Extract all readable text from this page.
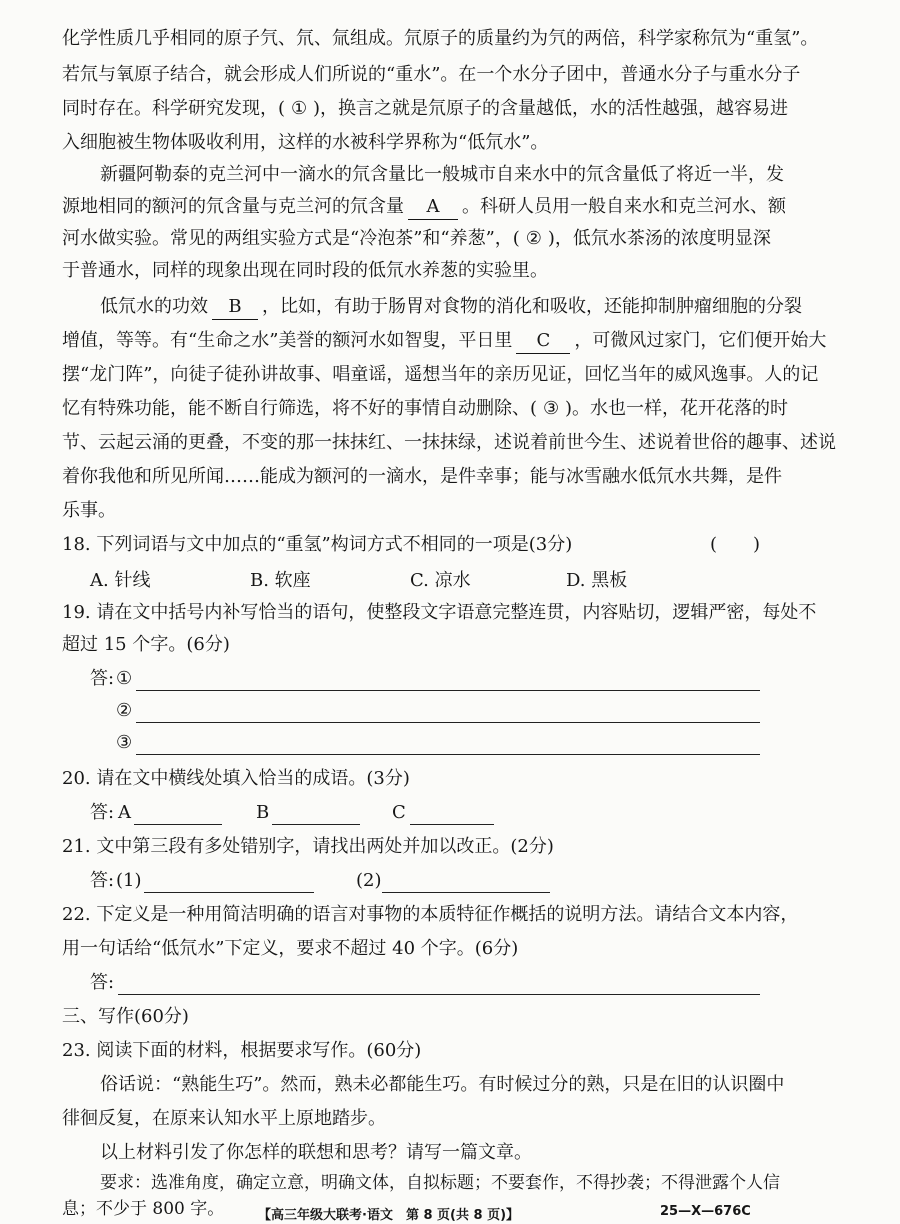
化学性质几乎相同的原子氕、氘、氚组成。氘原子的质量约为氕的两倍，科学家称氘为“重氢”。
若氘与氧原子结合，就会形成人们所说的“重水”。在一个水分子团中，普通水分子与重水分子
同时存在。科学研究发现，( ① )，换言之就是氘原子的含量越低，水的活性越强，越容易进
入细胞被生物体吸收利用，这样的水被科学界称为“低氘水”。
新疆阿勒泰的克兰河中一滴水的氘含量比一般城市自来水中的氘含量低了将近一半，发
源地相同的额河的氘含量与克兰河的氘含量 A 。科研人员用一般自来水和克兰河水、额
河水做实验。常见的两组实验方式是“冷泡茶”和“养葱”，( ② )，低氘水茶汤的浓度明显深
于普通水，同样的现象出现在同时段的低氘水养葱的实验里。
低氘水的功效 B ，比如，有助于肠胃对食物的消化和吸收，还能抑制肿瘤细胞的分裂
增值，等等。有“生命之水”美誉的额河水如智叟，平日里 C ，可微风过家门，它们便开始大
摆“龙门阵”，向徒子徒孙讲故事、唱童谣，遥想当年的亲历见证，回忆当年的威风逸事。人的记
忆有特殊功能，能不断自行筛选，将不好的事情自动删除、( ③ )。水也一样，花开花落的时
节、云起云涌的更叠，不变的那一抹抹红、一抹抹绿，述说着前世今生、述说着世俗的趣事、述说
着你我他和所见所闻……能成为额河的一滴水，是件幸事；能与冰雪融水低氘水共舞，是件
乐事。
18. 下列词语与文中加点的“重氢”构词方式不相同的一项是(3分)	(　　)
A. 针线	B. 软座	C. 凉水	D. 黑板
19. 请在文中括号内补写恰当的语句，使整段文字语意完整连贯，内容贴切，逻辑严密，每处不
超过 15 个字。(6分)
答: ①
②
③
20. 请在文中横线处填入恰当的成语。(3分)
答: A	B	C
21. 文中第三段有多处错别字，请找出两处并加以改正。(2分)
答: (1)	(2)
22. 下定义是一种用简洁明确的语言对事物的本质特征作概括的说明方法。请结合文本内容，
用一句话给“低氘水”下定义，要求不超过 40 个字。(6分)
答:
三、写作(60分)
23. 阅读下面的材料，根据要求写作。(60分)
俗话说：“熟能生巧”。然而，熟未必都能生巧。有时候过分的熟，只是在旧的认识圈中
徘徊反复，在原来认知水平上原地踏步。
以上材料引发了你怎样的联想和思考？请写一篇文章。
要求：选准角度，确定立意，明确文体，自拟标题；不要套作，不得抄袭；不得泄露个人信
息；不少于 800 字。	【高三年级大联考·语文　第 8 页(共 8 页)】	25—X—676C
